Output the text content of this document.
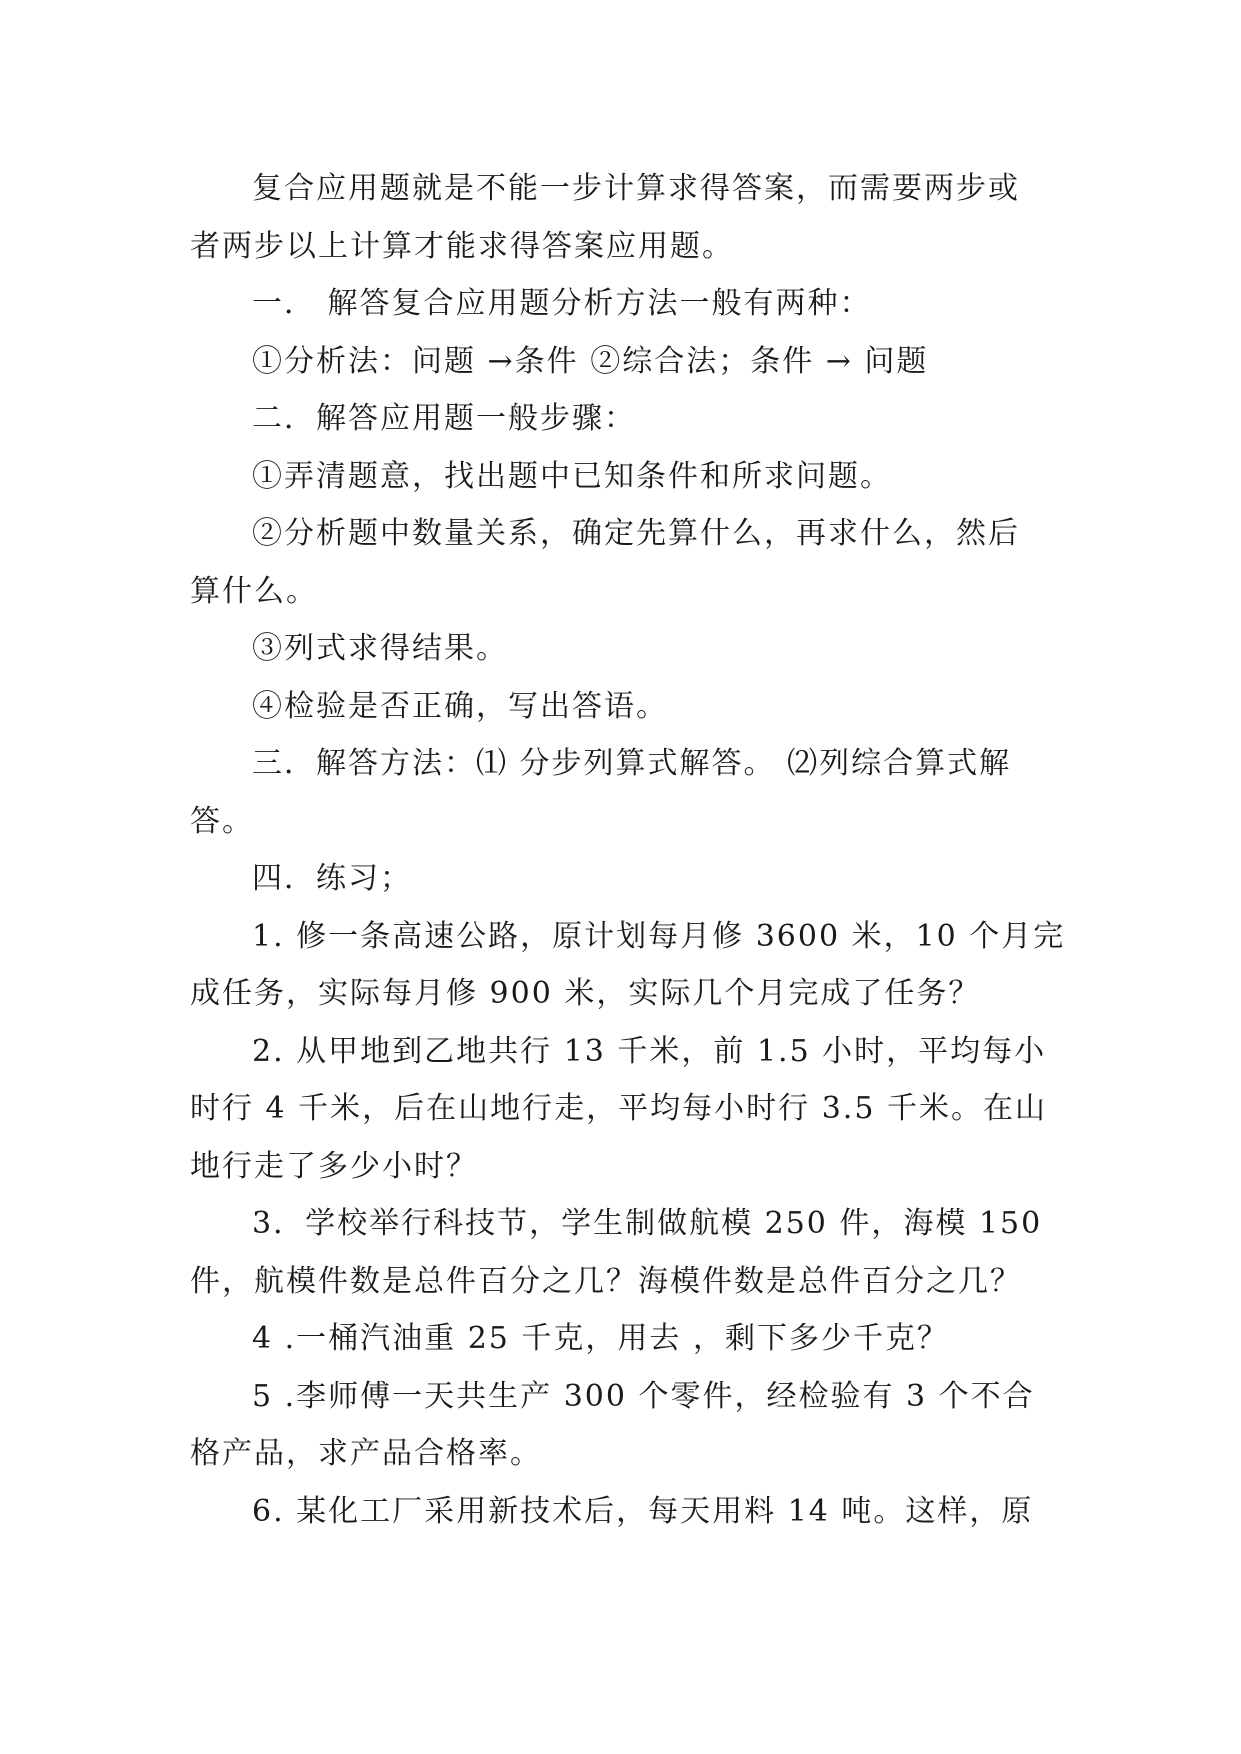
复合应用题就是不能一步计算求得答案，而需要两步或
者两步以上计算才能求得答案应用题。
一． 解答复合应用题分析方法一般有两种：
①分析法：问题 →条件 ②综合法；条件 → 问题
二．解答应用题一般步骤：
①弄清题意，找出题中已知条件和所求问题。
②分析题中数量关系，确定先算什么，再求什么，然后
算什么。
③列式求得结果。
④检验是否正确，写出答语。
三．解答方法：⑴ 分步列算式解答。 ⑵列综合算式解
答。
四．练习；
1. 修一条高速公路，原计划每月修 3600 米，10 个月完
成任务，实际每月修 900 米，实际几个月完成了任务？
2. 从甲地到乙地共行 13 千米，前 1.5 小时，平均每小
时行 4 千米，后在山地行走，平均每小时行 3.5 千米。在山
地行走了多少小时？
3．学校举行科技节，学生制做航模 250 件，海模 150
件，航模件数是总件百分之几？海模件数是总件百分之几？
4 .一桶汽油重 25 千克，用去 ，剩下多少千克？
5 .李师傅一天共生产 300 个零件，经检验有 3 个不合
格产品，求产品合格率。
6. 某化工厂采用新技术后，每天用料 14 吨。这样，原
